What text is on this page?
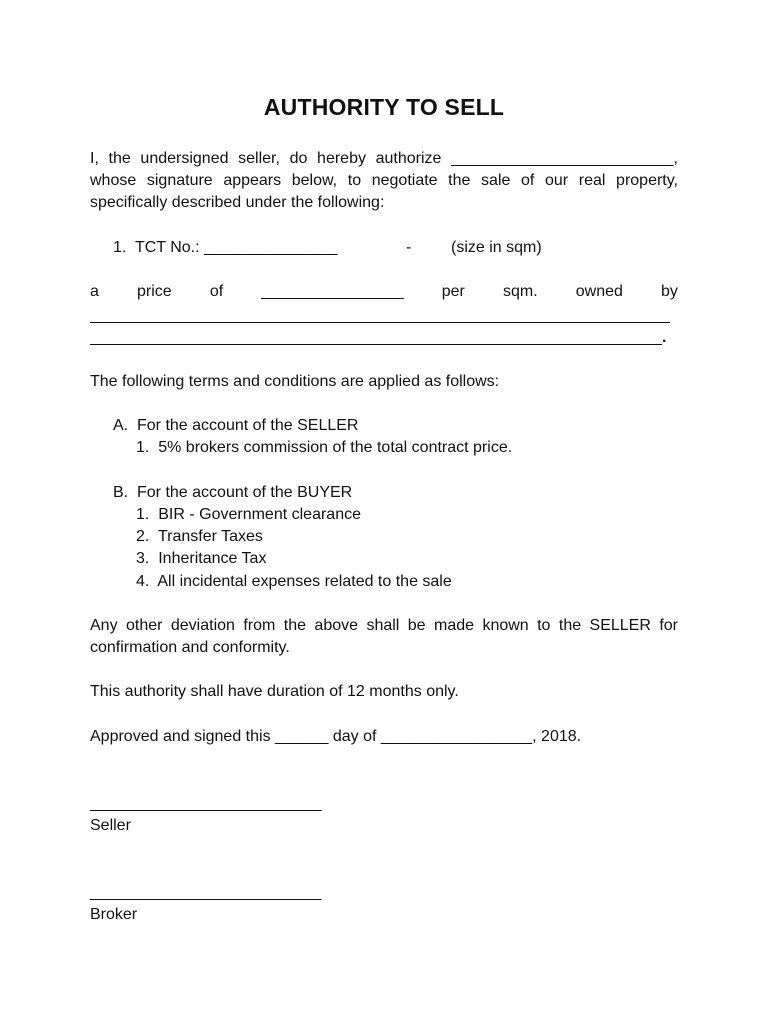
AUTHORITY TO SELL
I, the undersigned seller, do hereby authorize _________________________,
whose signature appears below, to negotiate the sale of our real property,
specifically described under the following:
1.  TCT No.: _______________	- (size in sqm)
a price of ________________ per sqm. owned by
.
The following terms and conditions are applied as follows:
A.  For the account of the SELLER
1.  5% brokers commission of the total contract price.
B.  For the account of the BUYER
1.  BIR - Government clearance
2.  Transfer Taxes
3.  Inheritance Tax
4.  All incidental expenses related to the sale
Any other deviation from the above shall be made known to the SELLER for
confirmation and conformity.
This authority shall have duration of 12 months only.
Approved and signed this ______ day of _________________, 2018.
__________________________
Seller
__________________________
Broker
